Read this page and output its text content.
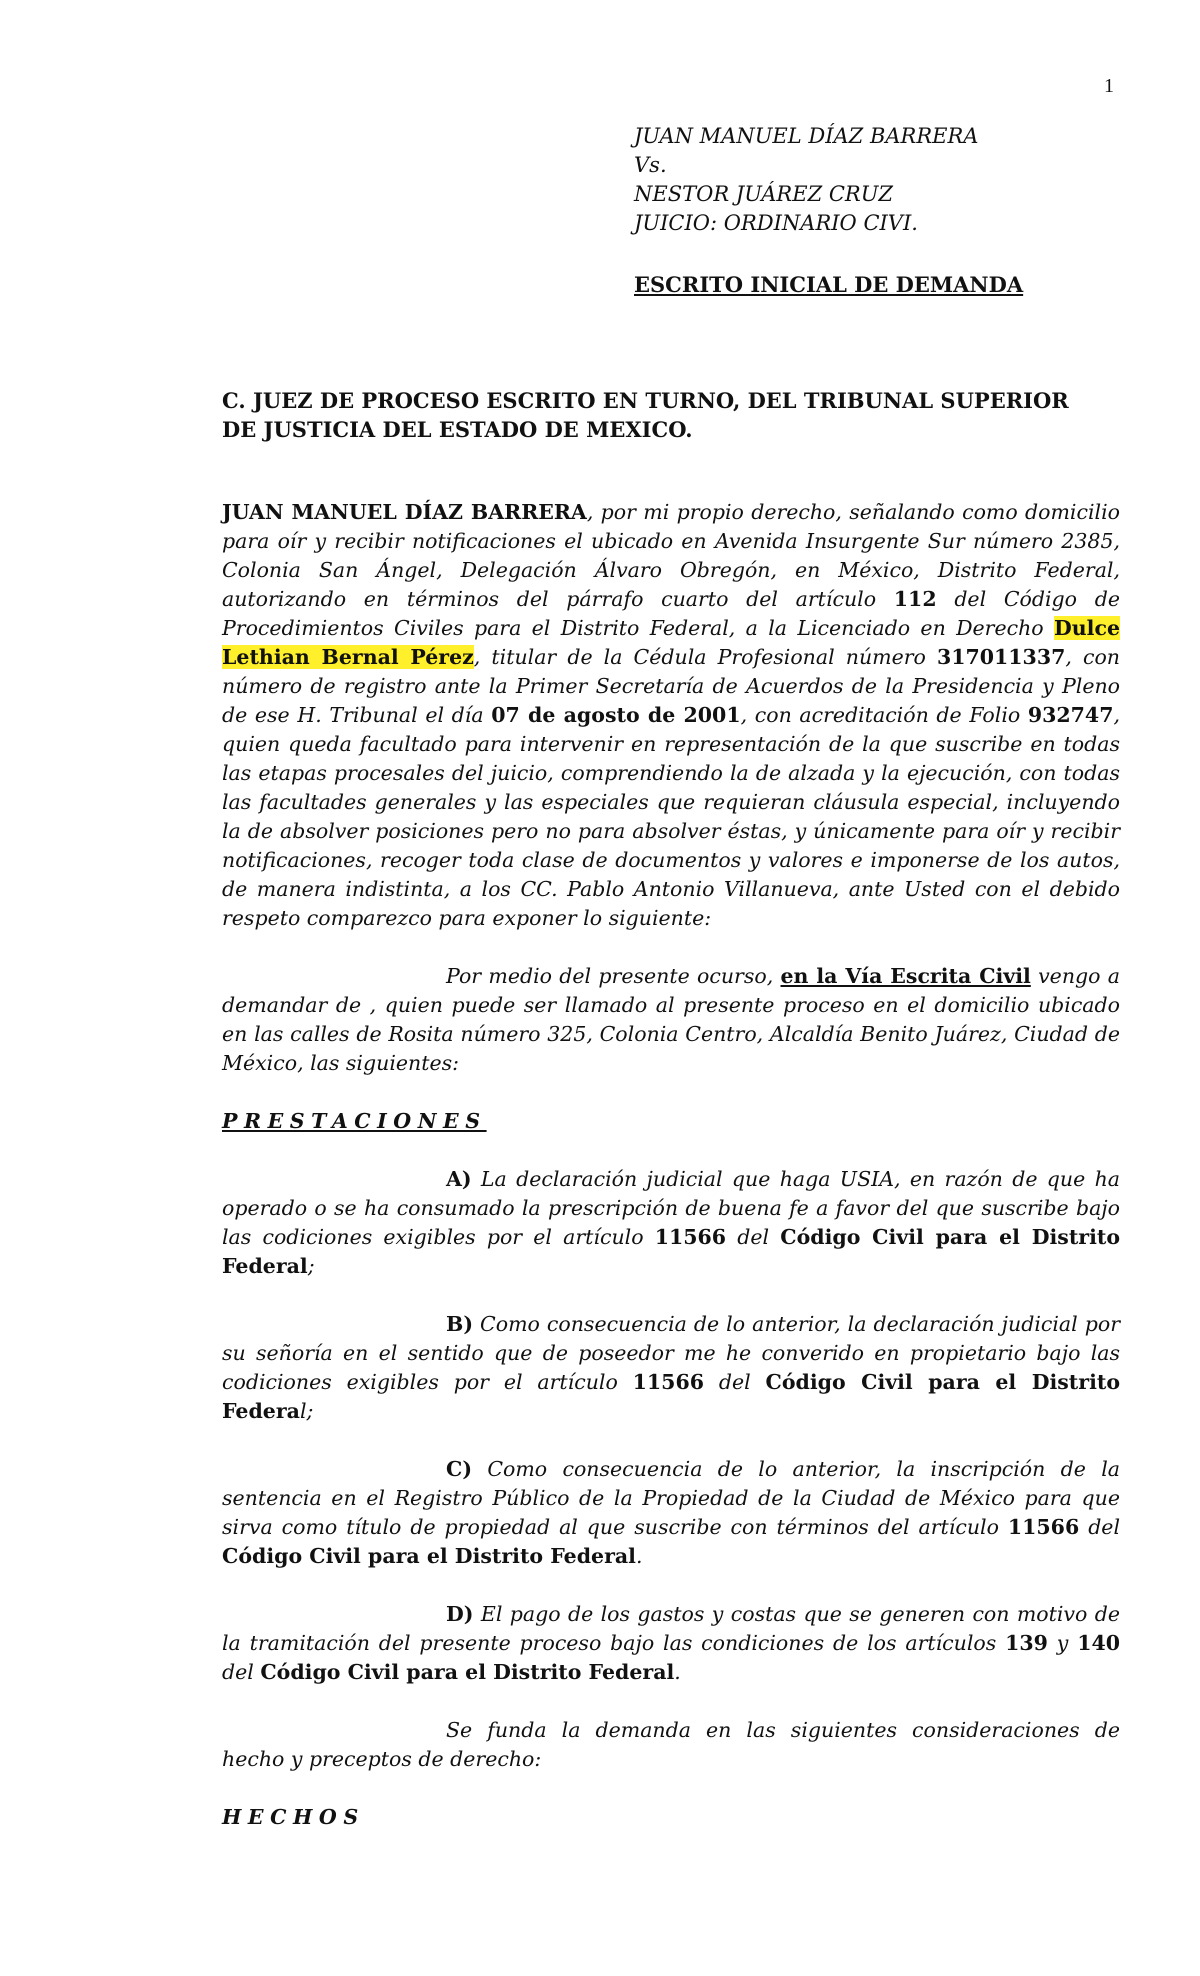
1
JUAN MANUEL DÍAZ BARRERA
Vs.
NESTOR JUÁREZ CRUZ
JUICIO: ORDINARIO CIVI.
ESCRITO INICIAL DE DEMANDA
C. JUEZ DE PROCESO ESCRITO EN TURNO, DEL TRIBUNAL SUPERIOR
DE JUSTICIA DEL ESTADO DE MEXICO.

JUAN MANUEL DÍAZ BARRERA, por mi propio derecho, señalando como domicilio para oír y recibir notificaciones el ubicado en Avenida Insurgente Sur número 2385, Colonia San Ángel, Delegación Álvaro Obregón, en México, Distrito Federal, autorizando en términos del párrafo cuarto del artículo 112 del Código de Procedimientos Civiles para el Distrito Federal, a la Licenciado en Derecho Dulce Lethian Bernal Pérez, titular de la Cédula Profesional número 317011337, con número de registro ante la Primer Secretaría de Acuerdos de la Presidencia y Pleno de ese H. Tribunal el día 07 de agosto de 2001, con acreditación de Folio 932747, quien queda facultado para intervenir en representación de la que suscribe en todas las etapas procesales del juicio, comprendiendo la de alzada y la ejecución, con todas las facultades generales y las especiales que requieran cláusula especial, incluyendo la de absolver posiciones pero no para absolver éstas, y únicamente para oír y recibir notificaciones, recoger toda clase de documentos y valores e imponerse de los autos, de manera indistinta, a los CC. Pablo Antonio Villanueva, ante Usted con el debido respeto comparezco para exponer lo siguiente:

Por medio del presente ocurso, en la Vía Escrita Civil vengo a demandar de , quien puede ser llamado al presente proceso en el domicilio ubicado en las calles de Rosita número 325, Colonia Centro, Alcaldía Benito Juárez, Ciudad de México, las siguientes:

PRESTACIONES

A) La declaración judicial que haga USIA, en razón de que ha operado o se ha consumado la prescripción de buena fe a favor del que suscribe bajo las codiciones exigibles por el artículo 11566 del Código Civil para el Distrito Federal;

B) Como consecuencia de lo anterior, la declaración judicial por su señoría en el sentido que de poseedor me he converido en propietario bajo las codiciones exigibles por el artículo 11566 del Código Civil para el Distrito Federal;

C) Como consecuencia de lo anterior, la inscripción de la sentencia en el Registro Público de la Propiedad de la Ciudad de México para que sirva como título de propiedad al que suscribe con términos del artículo 11566 del Código Civil para el Distrito Federal.

D) El pago de los gastos y costas que se generen con motivo de la tramitación del presente proceso bajo las condiciones de los artículos 139 y 140 del Código Civil para el Distrito Federal.

Se funda la demanda en las siguientes consideraciones de hecho y preceptos de derecho:

HECHOS
